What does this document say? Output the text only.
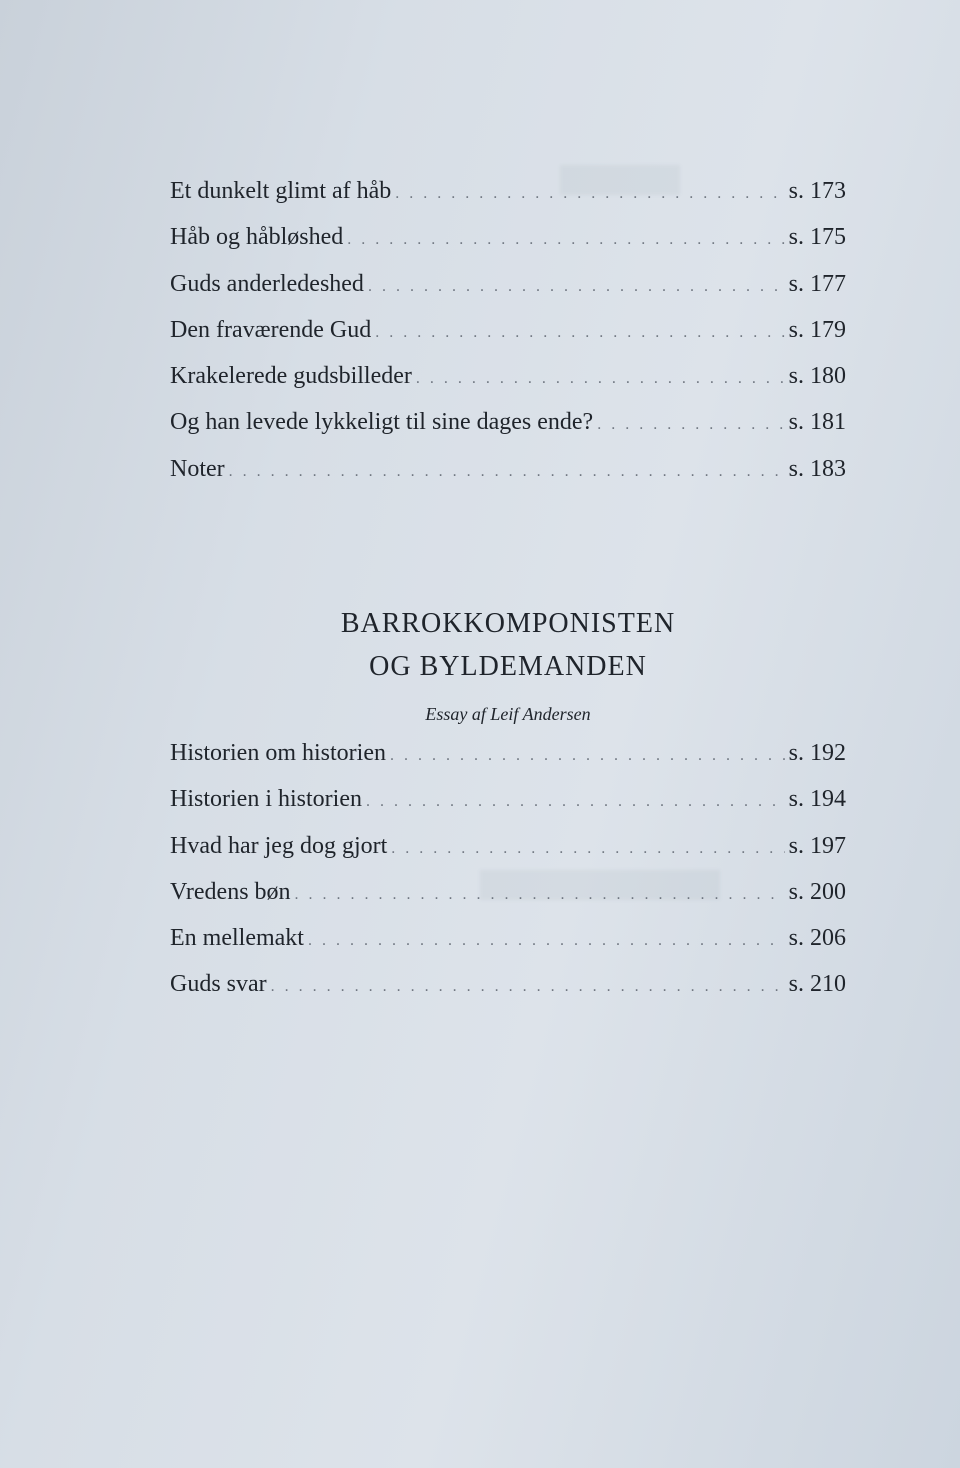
Et dunkelt glimt af håb . . .	s. 173
Håb og håbløshed . . .	s. 175
Guds anderledeshed . . .	s. 177
Den fraværende Gud . . .	s. 179
Krakelerede gudsbilleder . . .	s. 180
Og han levede lykkeligt til sine dages ende? . . .	s. 181
Noter . . .	s. 183
BARROKKOMPONISTEN
OG BYLDEMANDEN
Essay af Leif Andersen
Historien om historien . . .	s. 192
Historien i historien . . .	s. 194
Hvad har jeg dog gjort . . .	s. 197
Vredens bøn . . .	s. 200
En mellemakt . . .	s. 206
Guds svar . . .	s. 210
